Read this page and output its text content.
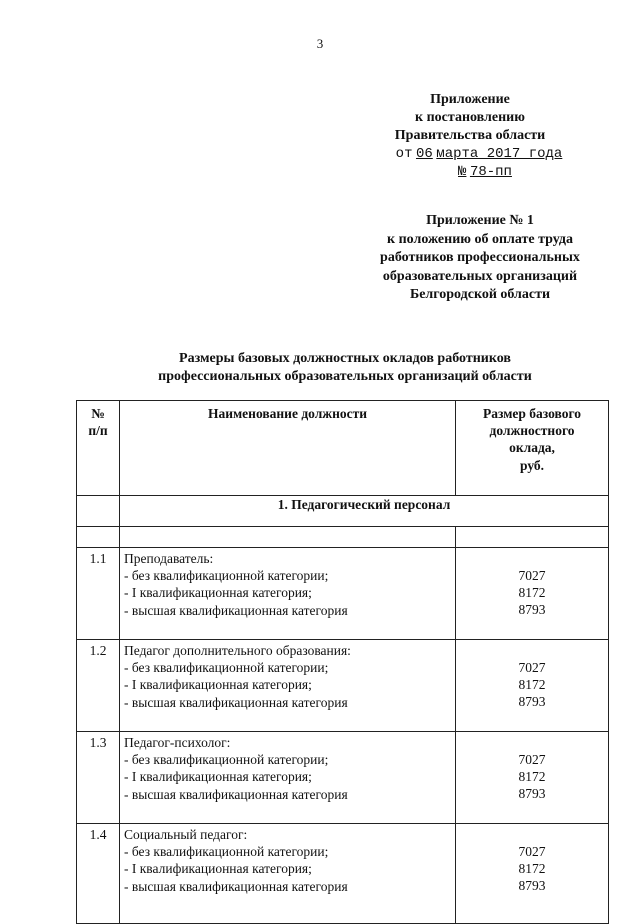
3
Приложение
к постановлению
Правительства области
от 06 марта 2017 года
№ 78-пп
Приложение № 1
к положению об оплате труда
работников профессиональных
образовательных организаций
Белгородской области
Размеры базовых должностных окладов работников
профессиональных образовательных организаций области
№
п/п	Наименование должности	Размер базового
должностного
оклада,
руб.

	1. Педагогический персонал	

1.1	Преподаватель:
- без квалификационной категории;
- I квалификационная категория;
- высшая квалификационная категория	7027
8172
8793

1.2	Педагог дополнительного образования:
- без квалификационной категории;
- I квалификационная категория;
- высшая квалификационная категория	7027
8172
8793

1.3	Педагог-психолог:
- без квалификационной категории;
- I квалификационная категория;
- высшая квалификационная категория	7027
8172
8793

1.4	Социальный педагог:
- без квалификационной категории;
- I квалификационная категория;
- высшая квалификационная категория	7027
8172
8793
